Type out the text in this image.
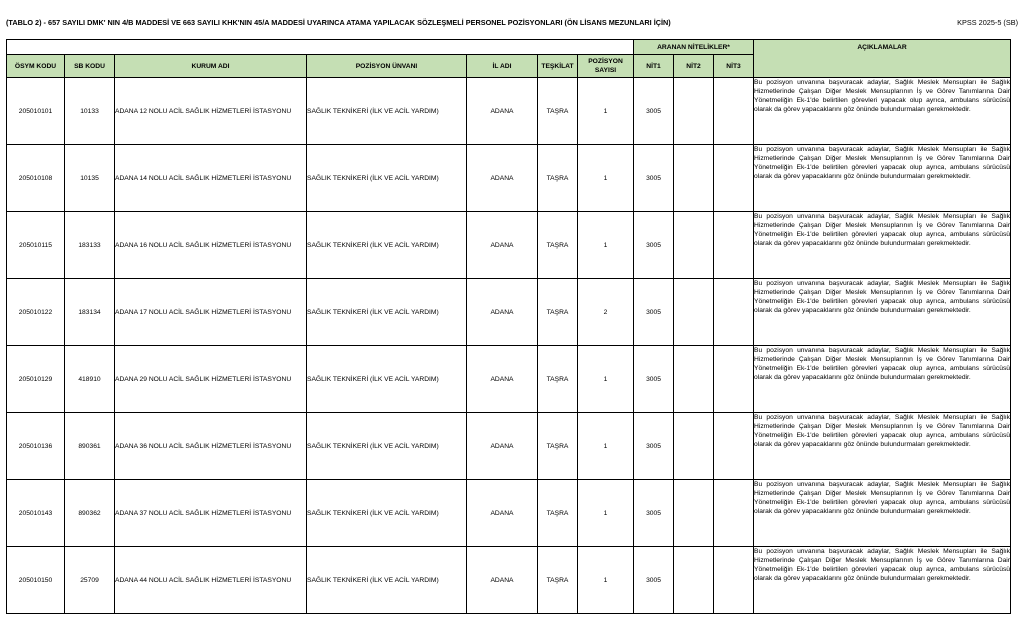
(TABLO 2) - 657 SAYILI DMK' NIN 4/B MADDESİ VE 663 SAYILI KHK'NIN 45/A MADDESİ UYARINCA ATAMA YAPILACAK SÖZLEŞMELİ PERSONEL POZİSYONLARI (ÖN LİSANS MEZUNLARI İÇİN)	KPSS 2025-5 (SB)
							ARANAN NİTELİKLER*			AÇIKLAMALAR
ÖSYM KODU	SB KODU	KURUM ADI	POZİSYON ÜNVANI	İL ADI	TEŞKİLAT	POZİSYON SAYISI	NİT1	NİT2	NİT3	
205010101	10133	ADANA 12 NOLU ACİL SAĞLIK HİZMETLERİ İSTASYONU	SAĞLIK TEKNİKERİ (İLK VE ACİL YARDIM)	ADANA	TAŞRA	1	3005			Bu pozisyon unvanına başvuracak adaylar, Sağlık Meslek Mensupları ile Sağlık Hizmetlerinde Çalışan Diğer Meslek Mensuplarının İş ve Görev Tanımlarına Dair Yönetmeliğin Ek-1'de belirtilen görevleri yapacak olup ayrıca, ambulans sürücüsü olarak da görev yapacaklarını göz önünde bulundurmaları gerekmektedir.
205010108	10135	ADANA 14 NOLU ACİL SAĞLIK HİZMETLERİ İSTASYONU	SAĞLIK TEKNİKERİ (İLK VE ACİL YARDIM)	ADANA	TAŞRA	1	3005			Bu pozisyon unvanına başvuracak adaylar, Sağlık Meslek Mensupları ile Sağlık Hizmetlerinde Çalışan Diğer Meslek Mensuplarının İş ve Görev Tanımlarına Dair Yönetmeliğin Ek-1'de belirtilen görevleri yapacak olup ayrıca, ambulans sürücüsü olarak da görev yapacaklarını göz önünde bulundurmaları gerekmektedir.
205010115	183133	ADANA 16 NOLU ACİL SAĞLIK HİZMETLERİ İSTASYONU	SAĞLIK TEKNİKERİ (İLK VE ACİL YARDIM)	ADANA	TAŞRA	1	3005			Bu pozisyon unvanına başvuracak adaylar, Sağlık Meslek Mensupları ile Sağlık Hizmetlerinde Çalışan Diğer Meslek Mensuplarının İş ve Görev Tanımlarına Dair Yönetmeliğin Ek-1'de belirtilen görevleri yapacak olup ayrıca, ambulans sürücüsü olarak da görev yapacaklarını göz önünde bulundurmaları gerekmektedir.
205010122	183134	ADANA 17 NOLU ACİL SAĞLIK HİZMETLERİ İSTASYONU	SAĞLIK TEKNİKERİ (İLK VE ACİL YARDIM)	ADANA	TAŞRA	2	3005			Bu pozisyon unvanına başvuracak adaylar, Sağlık Meslek Mensupları ile Sağlık Hizmetlerinde Çalışan Diğer Meslek Mensuplarının İş ve Görev Tanımlarına Dair Yönetmeliğin Ek-1'de belirtilen görevleri yapacak olup ayrıca, ambulans sürücüsü olarak da görev yapacaklarını göz önünde bulundurmaları gerekmektedir.
205010129	418910	ADANA 29 NOLU ACİL SAĞLIK HİZMETLERİ İSTASYONU	SAĞLIK TEKNİKERİ (İLK VE ACİL YARDIM)	ADANA	TAŞRA	1	3005			Bu pozisyon unvanına başvuracak adaylar, Sağlık Meslek Mensupları ile Sağlık Hizmetlerinde Çalışan Diğer Meslek Mensuplarının İş ve Görev Tanımlarına Dair Yönetmeliğin Ek-1'de belirtilen görevleri yapacak olup ayrıca, ambulans sürücüsü olarak da görev yapacaklarını göz önünde bulundurmaları gerekmektedir.
205010136	890361	ADANA 36 NOLU ACİL SAĞLIK HİZMETLERİ İSTASYONU	SAĞLIK TEKNİKERİ (İLK VE ACİL YARDIM)	ADANA	TAŞRA	1	3005			Bu pozisyon unvanına başvuracak adaylar, Sağlık Meslek Mensupları ile Sağlık Hizmetlerinde Çalışan Diğer Meslek Mensuplarının İş ve Görev Tanımlarına Dair Yönetmeliğin Ek-1'de belirtilen görevleri yapacak olup ayrıca, ambulans sürücüsü olarak da görev yapacaklarını göz önünde bulundurmaları gerekmektedir.
205010143	890362	ADANA 37 NOLU ACİL SAĞLIK HİZMETLERİ İSTASYONU	SAĞLIK TEKNİKERİ (İLK VE ACİL YARDIM)	ADANA	TAŞRA	1	3005			Bu pozisyon unvanına başvuracak adaylar, Sağlık Meslek Mensupları ile Sağlık Hizmetlerinde Çalışan Diğer Meslek Mensuplarının İş ve Görev Tanımlarına Dair Yönetmeliğin Ek-1'de belirtilen görevleri yapacak olup ayrıca, ambulans sürücüsü olarak da görev yapacaklarını göz önünde bulundurmaları gerekmektedir.
205010150	25709	ADANA 44 NOLU ACİL SAĞLIK HİZMETLERİ İSTASYONU	SAĞLIK TEKNİKERİ (İLK VE ACİL YARDIM)	ADANA	TAŞRA	1	3005			Bu pozisyon unvanına başvuracak adaylar, Sağlık Meslek Mensupları ile Sağlık Hizmetlerinde Çalışan Diğer Meslek Mensuplarının İş ve Görev Tanımlarına Dair Yönetmeliğin Ek-1'de belirtilen görevleri yapacak olup ayrıca, ambulans sürücüsü olarak da görev yapacaklarını göz önünde bulundurmaları gerekmektedir.
